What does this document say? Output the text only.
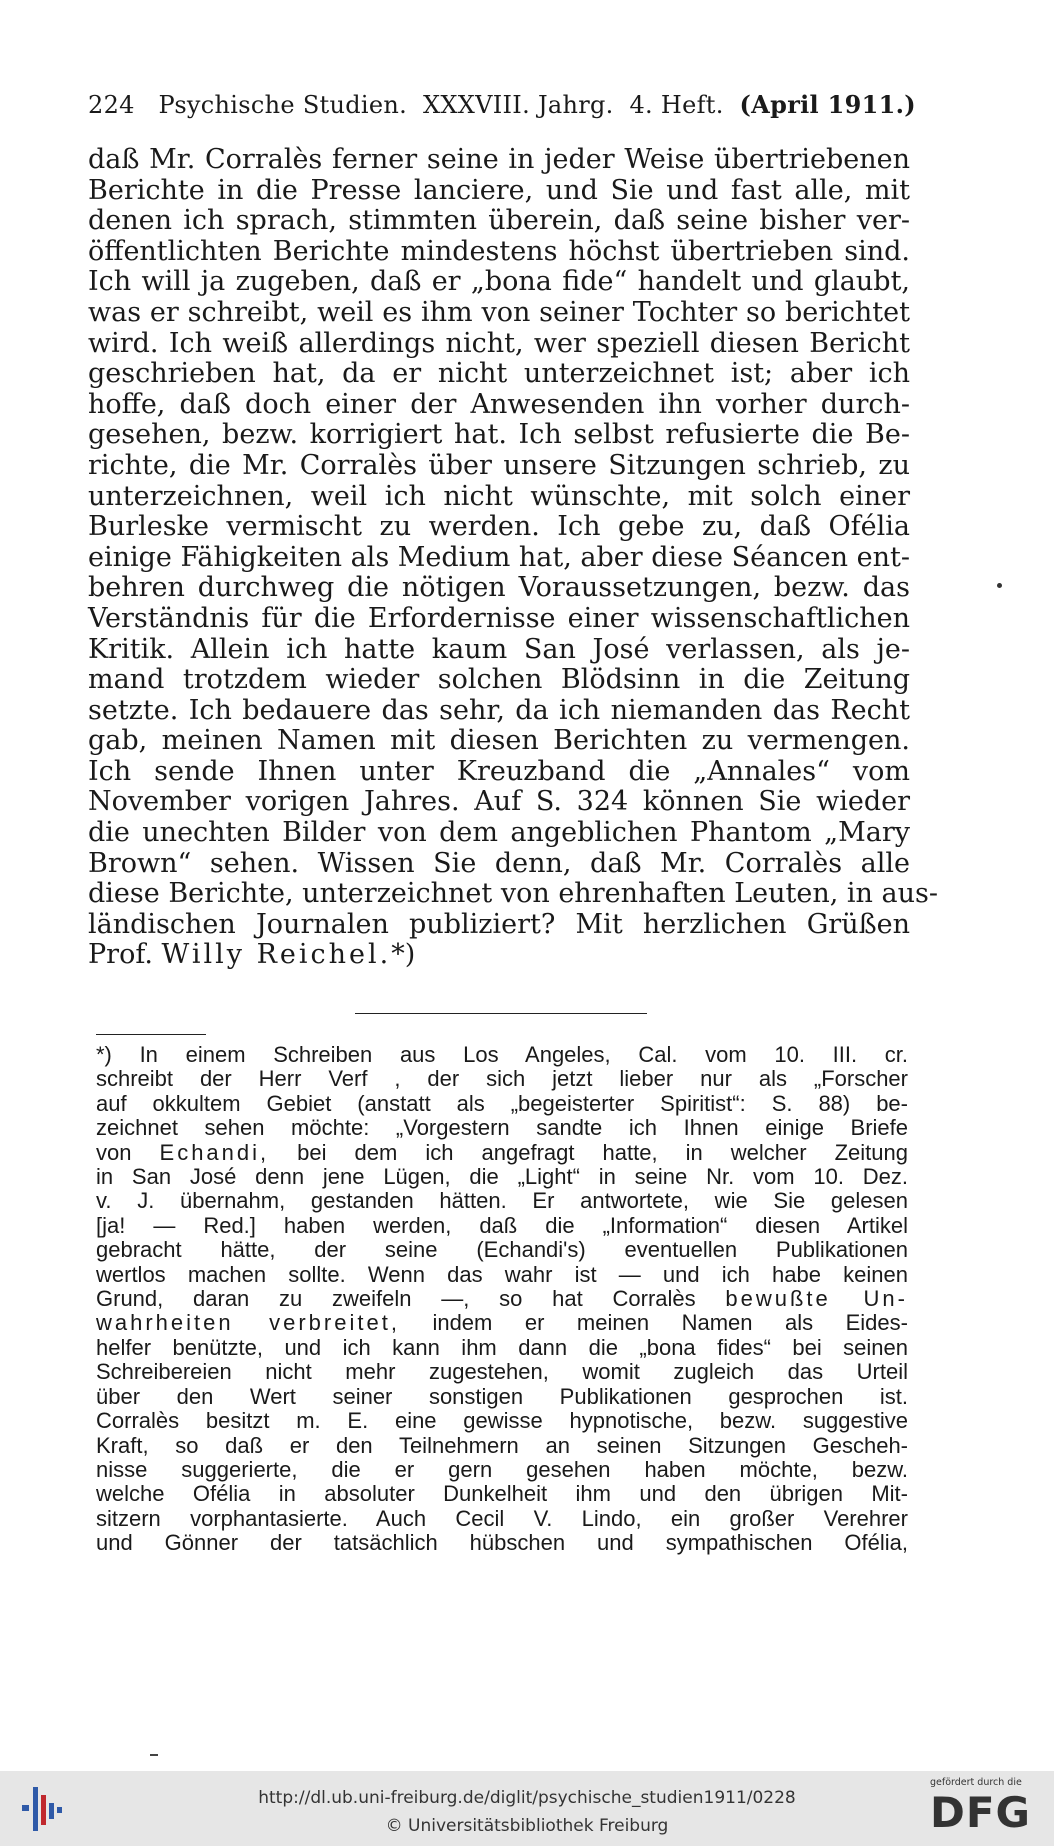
224 Psychische Studien. XXXVIII. Jahrg. 4. Heft. (April 1911.)
daß Mr. Corralès ferner seine in jeder Weise übertriebenen
Berichte in die Presse lanciere, und Sie und fast alle, mit
denen ich sprach, stimmten überein, daß seine bisher ver-
öffentlichten Berichte mindestens höchst übertrieben sind.
Ich will ja zugeben, daß er „bona fide“ handelt und glaubt,
was er schreibt, weil es ihm von seiner Tochter so berichtet
wird. Ich weiß allerdings nicht, wer speziell diesen Bericht
geschrieben hat, da er nicht unterzeichnet ist; aber ich
hoffe, daß doch einer der Anwesenden ihn vorher durch-
gesehen, bezw. korrigiert hat. Ich selbst refusierte die Be-
richte, die Mr. Corralès über unsere Sitzungen schrieb, zu
unterzeichnen, weil ich nicht wünschte, mit solch einer
Burleske vermischt zu werden. Ich gebe zu, daß Ofélia
einige Fähigkeiten als Medium hat, aber diese Séancen ent-
behren durchweg die nötigen Voraussetzungen, bezw. das
Verständnis für die Erfordernisse einer wissenschaftlichen
Kritik. Allein ich hatte kaum San José verlassen, als je-
mand trotzdem wieder solchen Blödsinn in die Zeitung
setzte. Ich bedauere das sehr, da ich niemanden das Recht
gab, meinen Namen mit diesen Berichten zu vermengen.
Ich sende Ihnen unter Kreuzband die „Annales“ vom
November vorigen Jahres. Auf S. 324 können Sie wieder
die unechten Bilder von dem angeblichen Phantom „Mary
Brown“ sehen. Wissen Sie denn, daß Mr. Corralès alle
diese Berichte, unterzeichnet von ehrenhaften Leuten, in aus-
ländischen Journalen publiziert? Mit herzlichen Grüßen
Prof. Willy Reichel.*)
*) In einem Schreiben aus Los Angeles, Cal. vom 10. III. cr.
schreibt der Herr Verf , der sich jetzt lieber nur als „Forscher
auf okkultem Gebiet (anstatt als „begeisterter Spiritist“: S. 88) be-
zeichnet sehen möchte: „Vorgestern sandte ich Ihnen einige Briefe
von Echandi, bei dem ich angefragt hatte, in welcher Zeitung
in San José denn jene Lügen, die „Light“ in seine Nr. vom 10. Dez.
v. J. übernahm, gestanden hätten. Er antwortete, wie Sie gelesen
[ja! — Red.] haben werden, daß die „Information“ diesen Artikel
gebracht hätte, der seine (Echandi's) eventuellen Publikationen
wertlos machen sollte. Wenn das wahr ist — und ich habe keinen
Grund, daran zu zweifeln —, so hat Corralès bewußte Un-
wahrheiten verbreitet, indem er meinen Namen als Eides-
helfer benützte, und ich kann ihm dann die „bona fides“ bei seinen
Schreibereien nicht mehr zugestehen, womit zugleich das Urteil
über den Wert seiner sonstigen Publikationen gesprochen ist.
Corralès besitzt m. E. eine gewisse hypnotische, bezw. suggestive
Kraft, so daß er den Teilnehmern an seinen Sitzungen Gescheh-
nisse suggerierte, die er gern gesehen haben möchte, bezw.
welche Ofélia in absoluter Dunkelheit ihm und den übrigen Mit-
sitzern vorphantasierte. Auch Cecil V. Lindo, ein großer Verehrer
und Gönner der tatsächlich hübschen und sympathischen Ofélia,
http://dl.ub.uni-freiburg.de/diglit/psychische_studien1911/0228
© Universitätsbibliothek Freiburg
gefördert durch die
DFG
